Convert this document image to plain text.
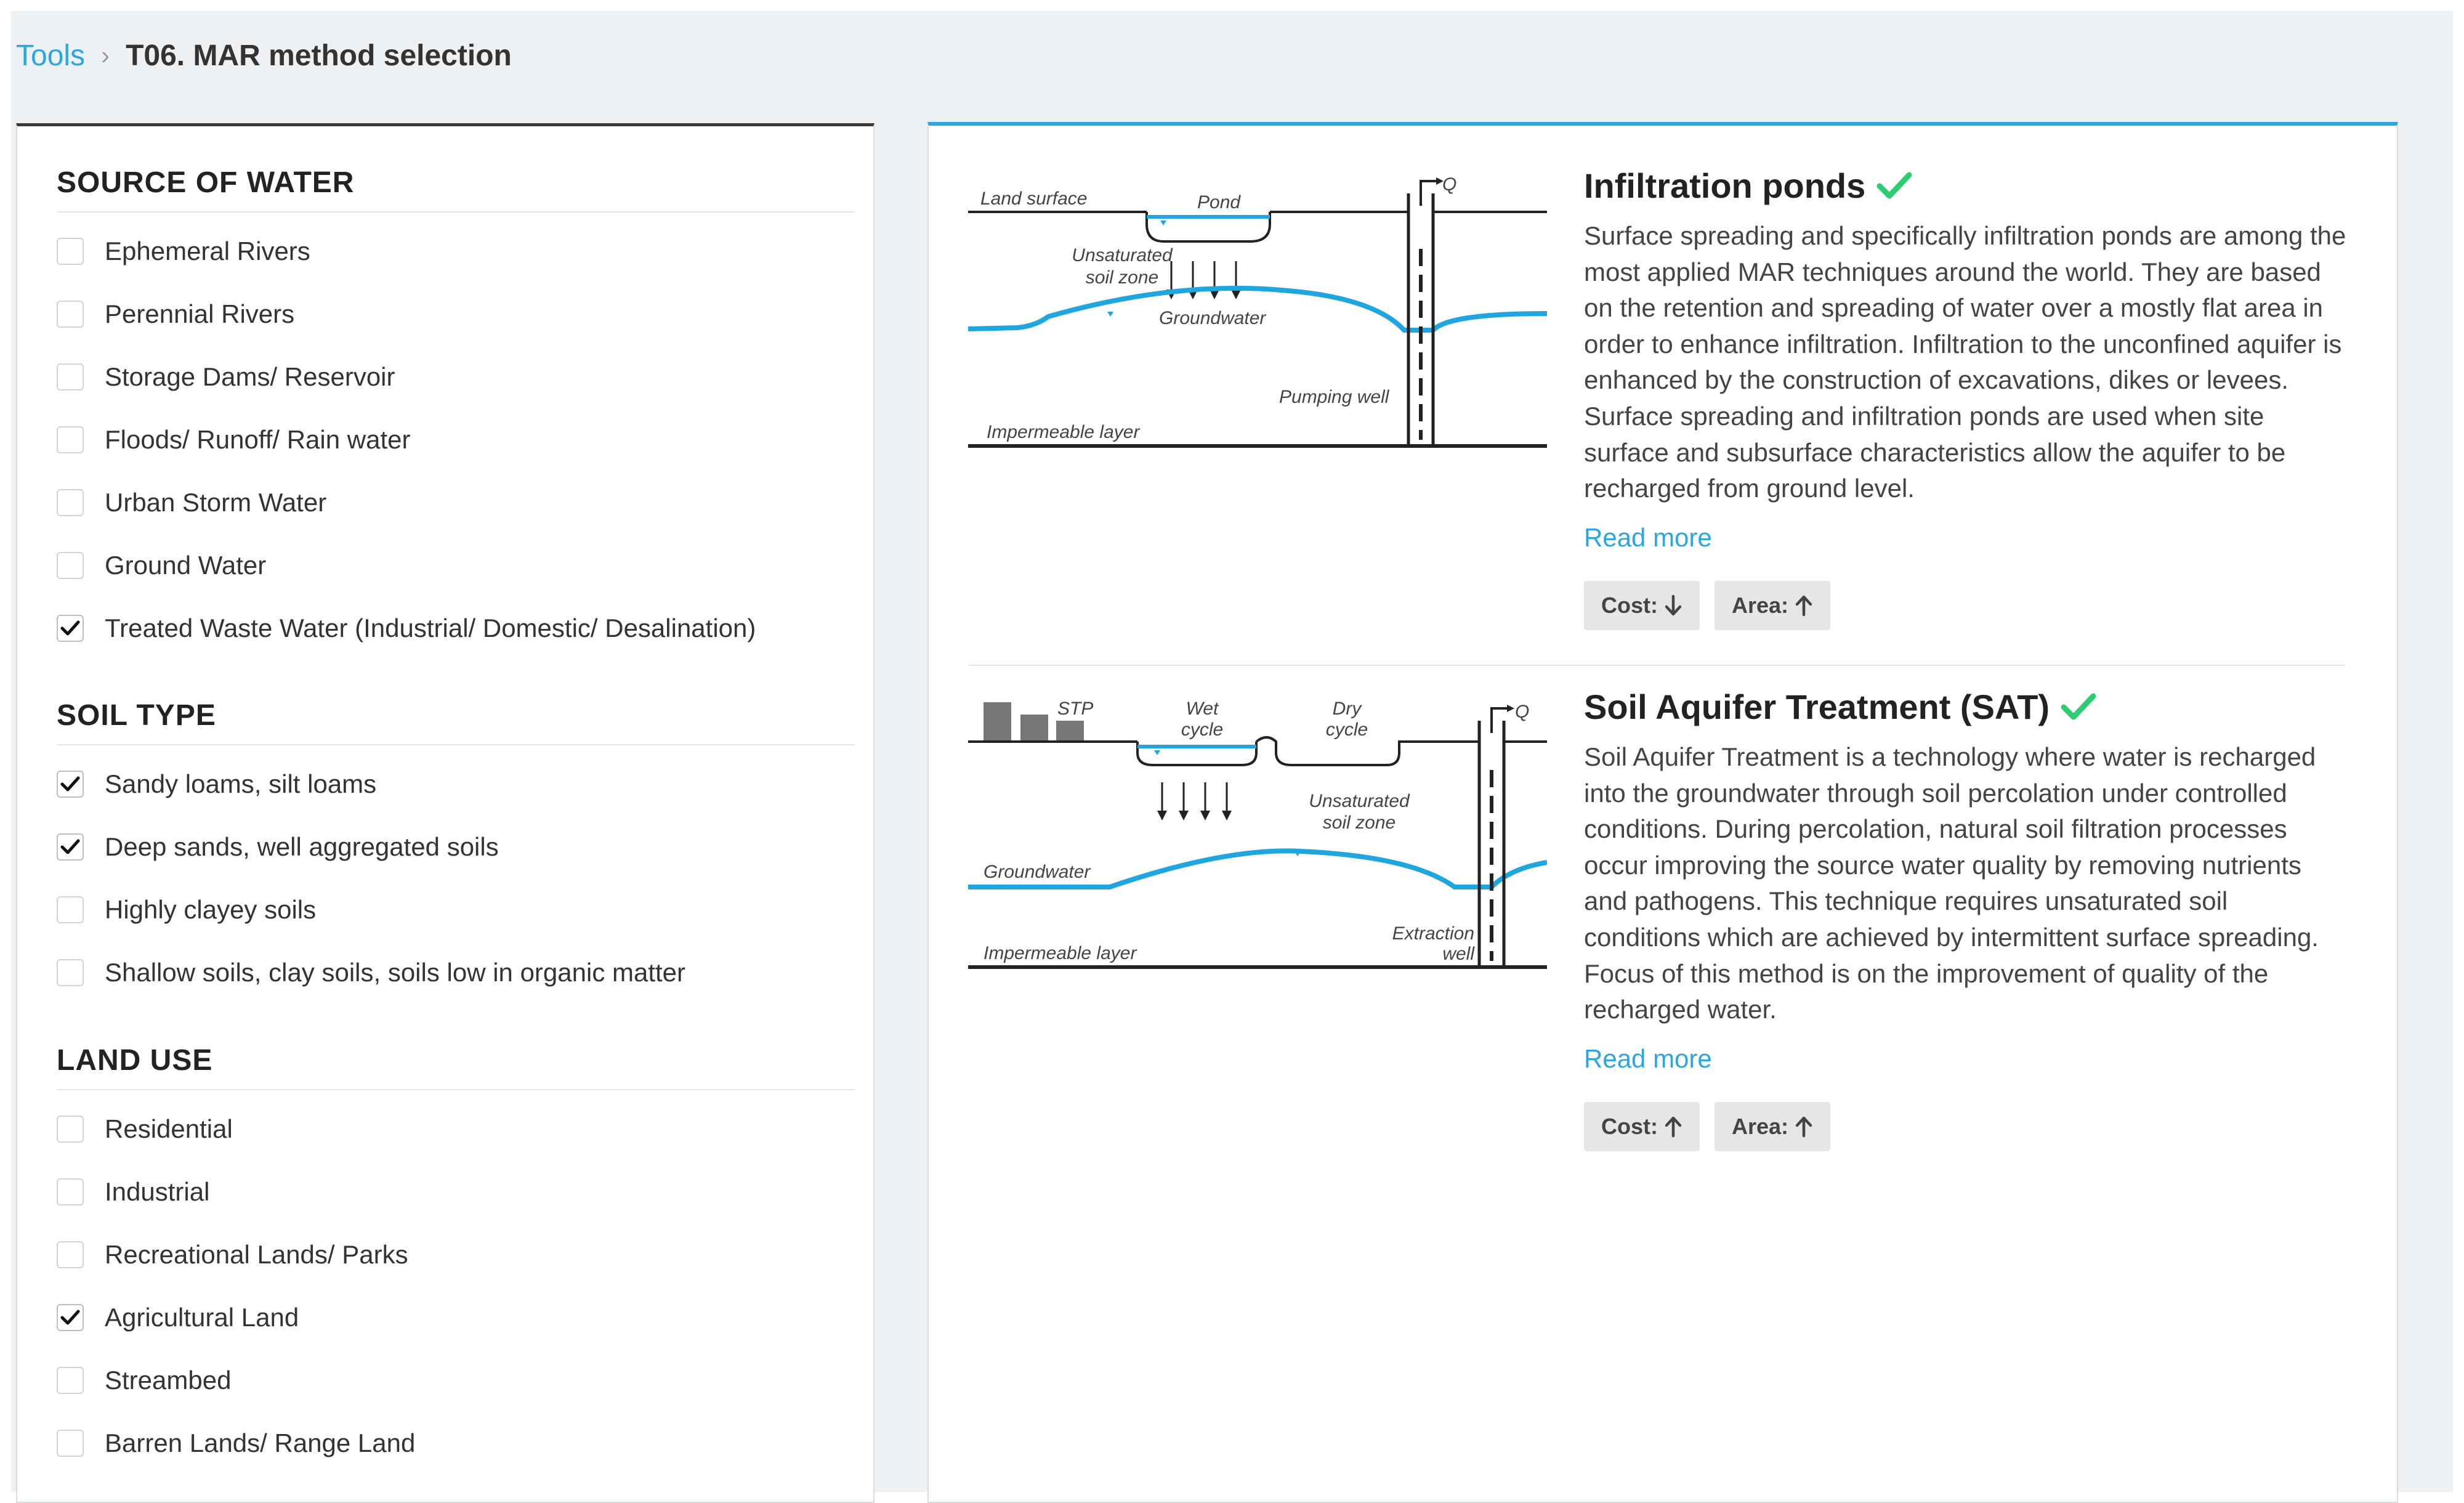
Tools › T06. MAR method selection
SOURCE OF WATER
Ephemeral Rivers
Perennial Rivers
Storage Dams/ Reservoir
Floods/ Runoff/ Rain water
Urban Storm Water
Ground Water
Treated Waste Water (Industrial/ Domestic/ Desalination)
SOIL TYPE
Sandy loams, silt loams
Deep sands, well aggregated soils
Highly clayey soils
Shallow soils, clay soils, soils low in organic matter
LAND USE
Residential
Industrial
Recreational Lands/ Parks
Agricultural Land
Streambed
Barren Lands/ Range Land
Land surface	Pond
Q
Unsaturated
soil zone
Groundwater
Pumping well
Impermeable layer
Infiltration ponds
Surface spreading and specifically infiltration ponds are among the most applied MAR techniques around the world. They are based on the retention and spreading of water over a mostly flat area in order to enhance infiltration. Infiltration to the unconfined aquifer is enhanced by the construction of excavations, dikes or levees. Surface spreading and infiltration ponds are used when site surface and subsurface characteristics allow the aquifer to be recharged from ground level.
Read more
Cost:	Area:
STP	Wet
cycle
Dry
cycle
Unsaturated
soil zone
Groundwater
Extraction
well
Impermeable layer
Q Soil Aquifer Treatment (SAT)
Soil Aquifer Treatment is a technology where water is recharged into the groundwater through soil percolation under controlled conditions. During percolation, natural soil filtration processes occur improving the source water quality by removing nutrients and pathogens. This technique requires unsaturated soil conditions which are achieved by intermittent surface spreading. Focus of this method is on the improvement of quality of the recharged water.
Read more
Cost:	Area:
